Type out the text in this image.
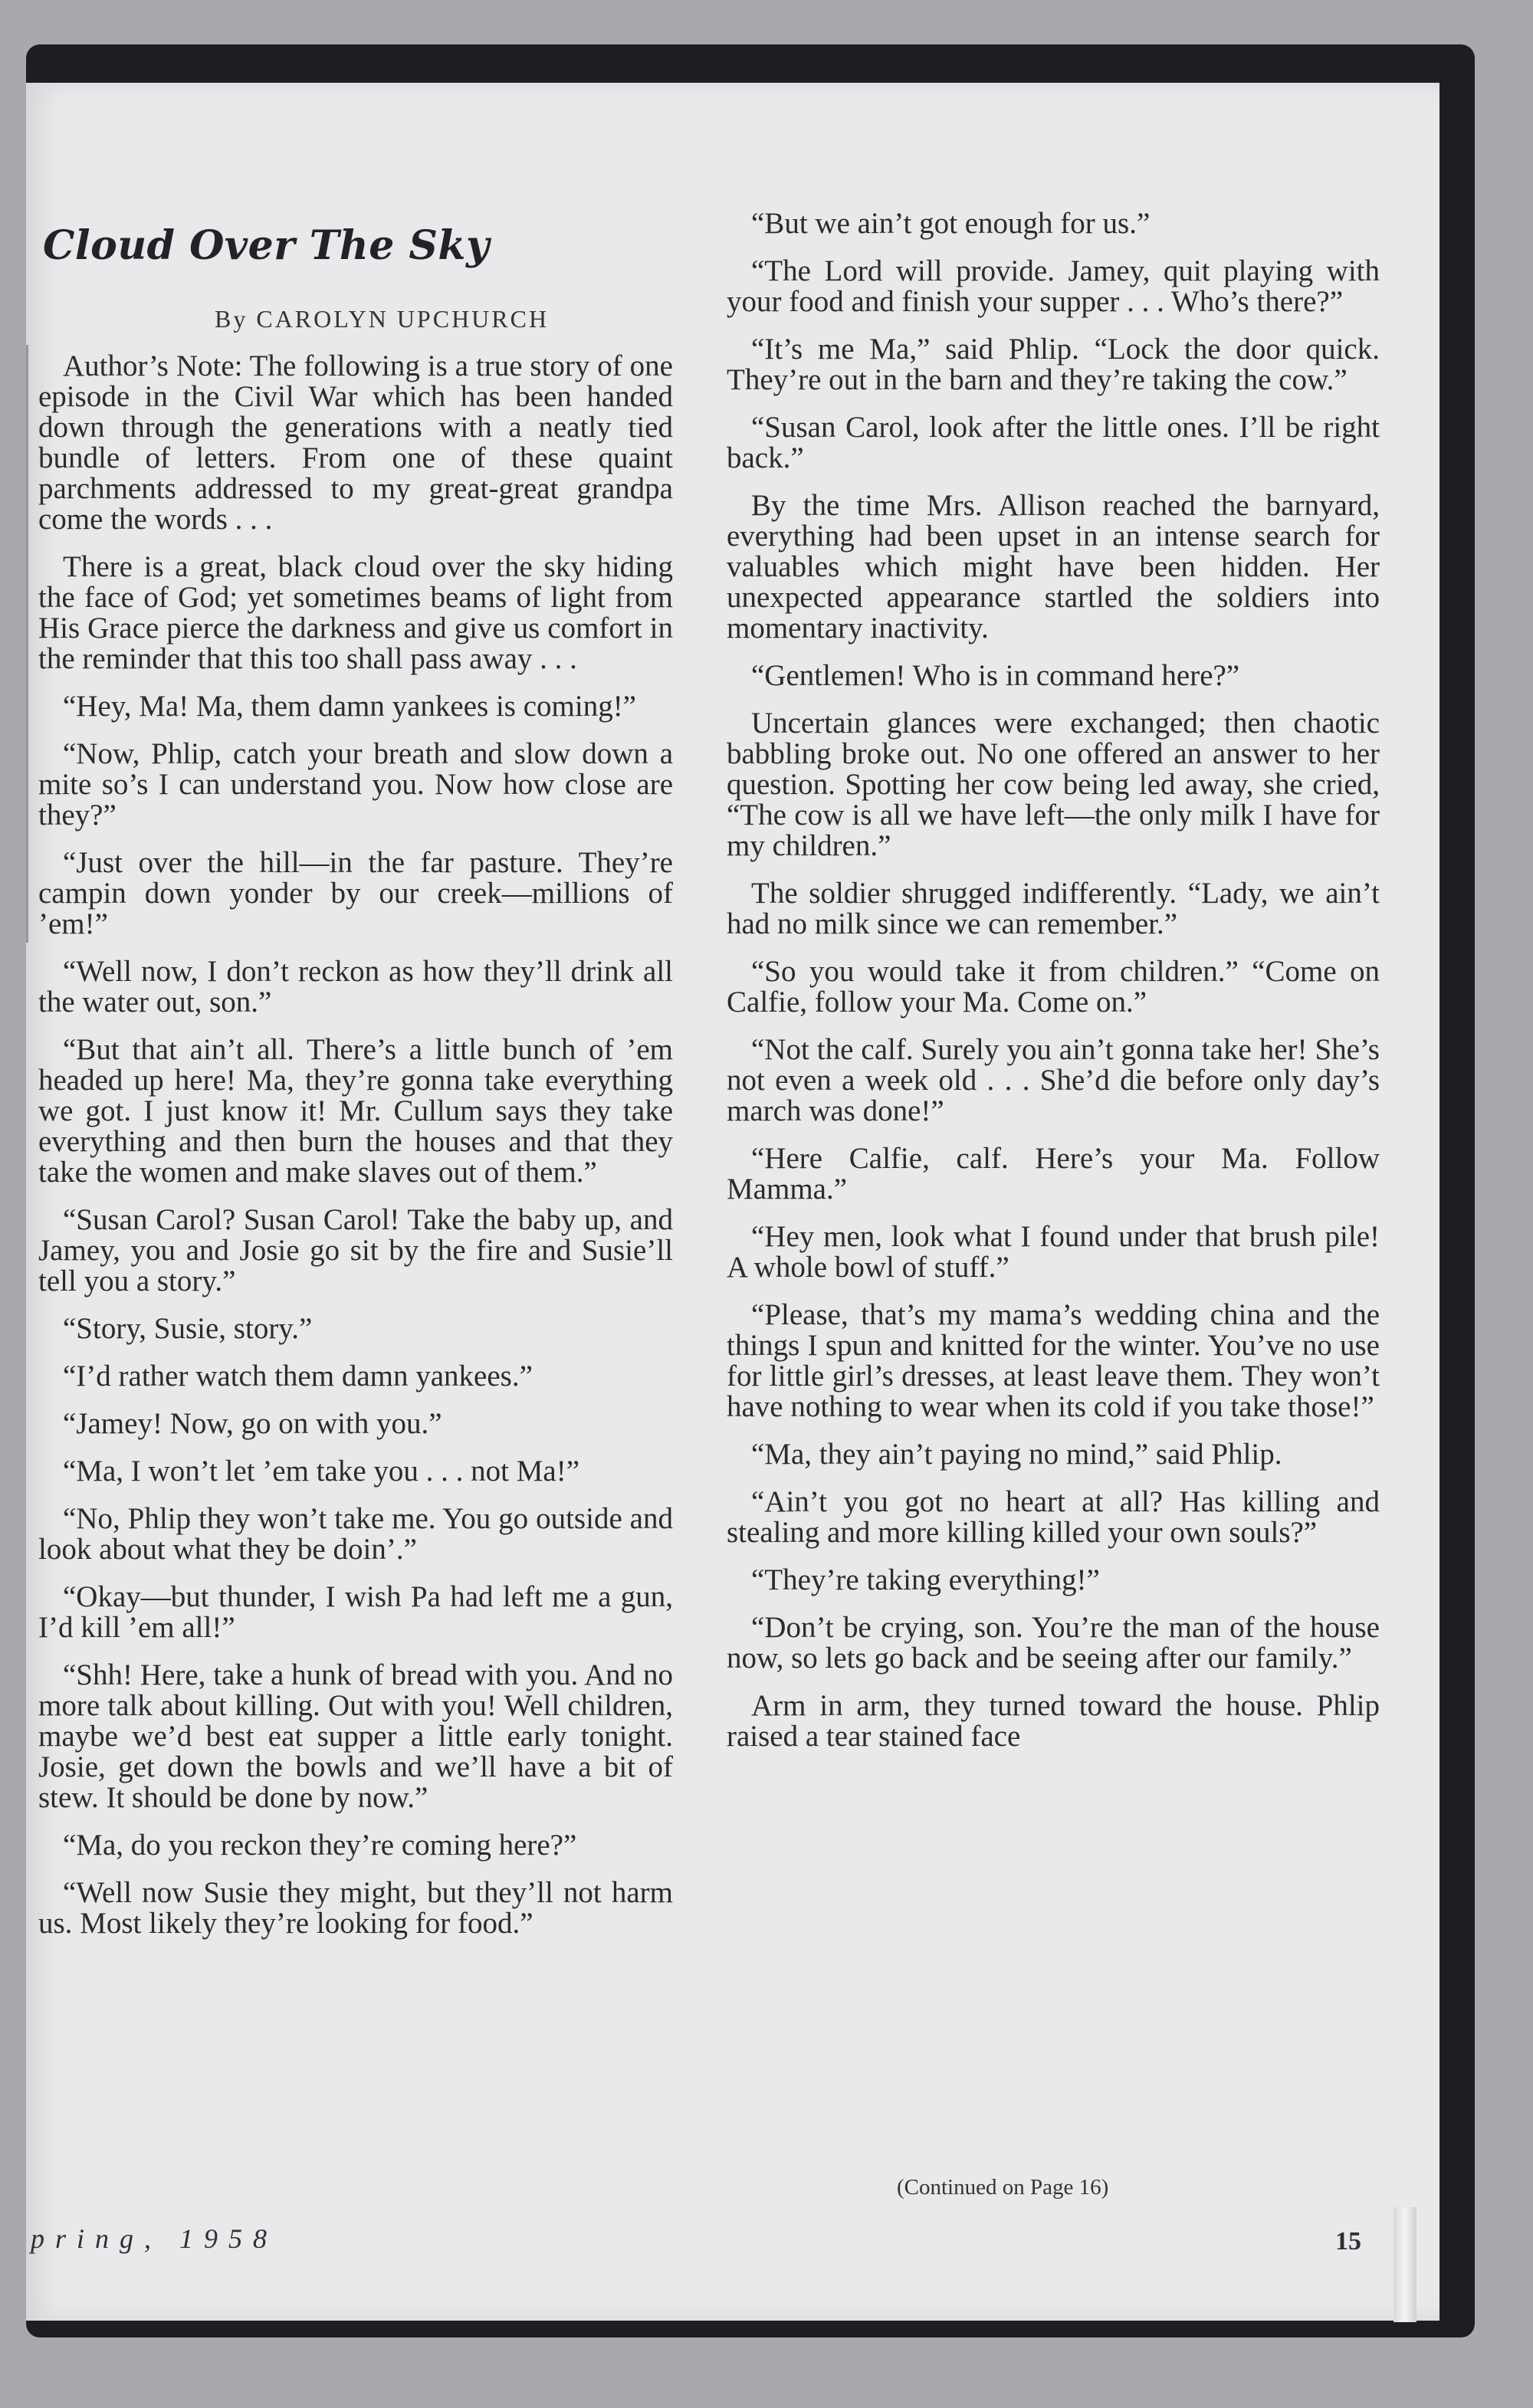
Cloud Over The Sky
By CAROLYN UPCHURCH

Author’s Note: The following is a true story of one episode in the Civil War which has been handed down through the generations with a neatly tied bundle of letters. From one of these quaint parchments addressed to my great-great grandpa come the words . . .

There is a great, black cloud over the sky hiding the face of God; yet sometimes beams of light from His Grace pierce the darkness and give us comfort in the reminder that this too shall pass away . . .

“Hey, Ma! Ma, them damn yankees is coming!”

“Now, Phlip, catch your breath and slow down a mite so’s I can understand you. Now how close are they?”

“Just over the hill—in the far pasture. They’re campin down yonder by our creek—millions of ’em!”

“Well now, I don’t reckon as how they’ll drink all the water out, son.”

“But that ain’t all. There’s a little bunch of ’em headed up here! Ma, they’re gonna take everything we got. I just know it! Mr. Cullum says they take everything and then burn the houses and that they take the women and make slaves out of them.”

“Susan Carol? Susan Carol! Take the baby up, and Jamey, you and Josie go sit by the fire and Susie’ll tell you a story.”

“Story, Susie, story.”

“I’d rather watch them damn yankees.”

“Jamey! Now, go on with you.”

“Ma, I won’t let ’em take you . . . not Ma!”

“No, Phlip they won’t take me. You go outside and look about what they be doin’.”

“Okay—but thunder, I wish Pa had left me a gun, I’d kill ’em all!”

“Shh! Here, take a hunk of bread with you. And no more talk about killing. Out with you! Well children, maybe we’d best eat supper a little early tonight. Josie, get down the bowls and we’ll have a bit of stew. It should be done by now.”

“Ma, do you reckon they’re coming here?”

“Well now Susie they might, but they’ll not harm us. Most likely they’re looking for food.”

“But we ain’t got enough for us.”

“The Lord will provide. Jamey, quit playing with your food and finish your supper . . . Who’s there?”

“It’s me Ma,” said Phlip. “Lock the door quick. They’re out in the barn and they’re taking the cow.”

“Susan Carol, look after the little ones. I’ll be right back.”

By the time Mrs. Allison reached the barnyard, everything had been upset in an intense search for valuables which might have been hidden. Her unexpected appearance startled the soldiers into momentary inactivity.

“Gentlemen! Who is in command here?”

Uncertain glances were exchanged; then chaotic babbling broke out. No one offered an answer to her question. Spotting her cow being led away, she cried, “The cow is all we have left—the only milk I have for my children.”

The soldier shrugged indifferently. “Lady, we ain’t had no milk since we can remember.”

“So you would take it from children.” “Come on Calfie, follow your Ma. Come on.”

“Not the calf. Surely you ain’t gonna take her! She’s not even a week old . . . She’d die before only day’s march was done!”

“Here Calfie, calf. Here’s your Ma. Follow Mamma.”

“Hey men, look what I found under that brush pile! A whole bowl of stuff.”

“Please, that’s my mama’s wedding china and the things I spun and knitted for the winter. You’ve no use for little girl’s dresses, at least leave them. They won’t have nothing to wear when its cold if you take those!”

“Ma, they ain’t paying no mind,” said Phlip.

“Ain’t you got no heart at all? Has killing and stealing and more killing killed your own souls?”

“They’re taking everything!”

“Don’t be crying, son. You’re the man of the house now, so lets go back and be seeing after our family.”

Arm in arm, they turned toward the house. Phlip raised a tear stained face

(Continued on Page 16)
pring, 1958	15
